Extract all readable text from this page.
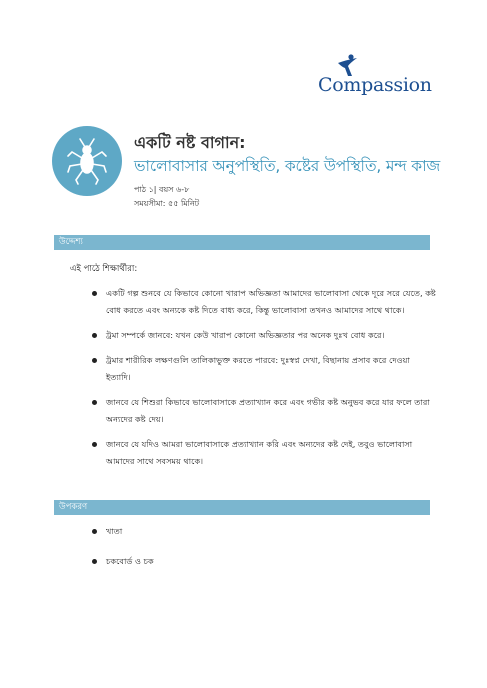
Compassion
একটি নষ্ট বাগান:
ভালোবাসার অনুপস্থিতি, কষ্টের উপস্থিতি, মন্দ কাজ
পাঠ ১| বয়স ৬-৮
সময়সীমা: ৫৫ মিনিট
উদ্দেশ্য
এই পাঠে শিক্ষার্থীরা:
একটি গল্প শুনবে যে কিভাবে কোনো খারাপ অভিজ্ঞতা আমাদের ভালোবাসা থেকে দূরে সরে যেতে, কষ্ট বোধ করতে এবং অন্যকে কষ্ট দিতে বাধ্য করে, কিন্তু ভালোবাসা তখনও আমাদের সাথে থাকে।
ট্রমা সম্পর্কে জানবে: যখন কেউ খারাপ কোনো অভিজ্ঞতার পর অনেক দুঃখ বোধ করে।
ট্রমার শারীরিক লক্ষণগুলি তালিকাভুক্ত করতে পারবে: দুঃস্বপ্ন দেখা, বিছানায় প্রসাব করে দেওয়া ইত্যাদি।
জানবে যে শিশুরা কিভাবে ভালোবাসাকে প্রত্যাখ্যান করে এবং গভীর কষ্ট অনুভব করে যার ফলে তারা অন্যদের কষ্ট দেয়।
জানবে যে যদিও আমরা ভালোবাসাকে প্রত্যাখ্যান করি এবং অন্যদের কষ্ট দেই, তবুও ভালোবাসা আমাদের সাথে সবসময় থাকে।
উপকরণ
খাতা
চকবোর্ড ও চক
